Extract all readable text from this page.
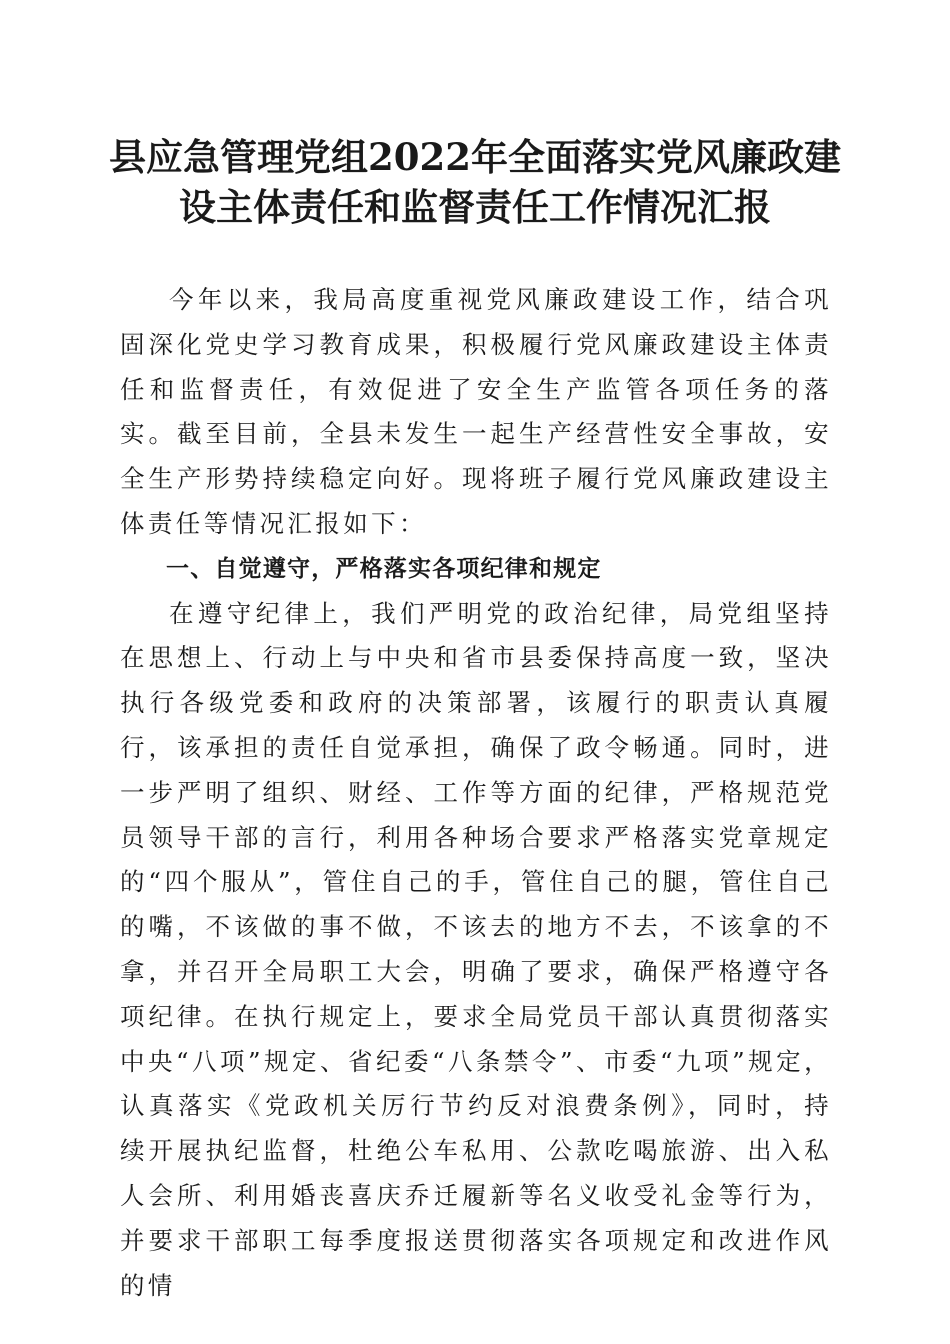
县应急管理党组2022年全面落实党风廉政建
设主体责任和监督责任工作情况汇报

今年以来，我局高度重视党风廉政建设工作，结合巩固深化党史学习教育成果，积极履行党风廉政建设主体责任和监督责任，有效促进了安全生产监管各项任务的落实。截至目前，全县未发生一起生产经营性安全事故，安全生产形势持续稳定向好。现将班子履行党风廉政建设主体责任等情况汇报如下：

一、自觉遵守，严格落实各项纪律和规定

在遵守纪律上，我们严明党的政治纪律，局党组坚持在思想上、行动上与中央和省市县委保持高度一致，坚决执行各级党委和政府的决策部署，该履行的职责认真履行，该承担的责任自觉承担，确保了政令畅通。同时，进一步严明了组织、财经、工作等方面的纪律，严格规范党员领导干部的言行，利用各种场合要求严格落实党章规定的“四个服从”，管住自己的手，管住自己的腿，管住自己的嘴，不该做的事不做，不该去的地方不去，不该拿的不拿，并召开全局职工大会，明确了要求，确保严格遵守各项纪律。在执行规定上，要求全局党员干部认真贯彻落实中央“八项”规定、省纪委“八条禁令”、市委“九项”规定，认真落实《党政机关厉行节约反对浪费条例》，同时，持续开展执纪监督，杜绝公车私用、公款吃喝旅游、出入私人会所、利用婚丧喜庆乔迁履新等名义收受礼金等行为，并要求干部职工每季度报送贯彻落实各项规定和改进作风的情
